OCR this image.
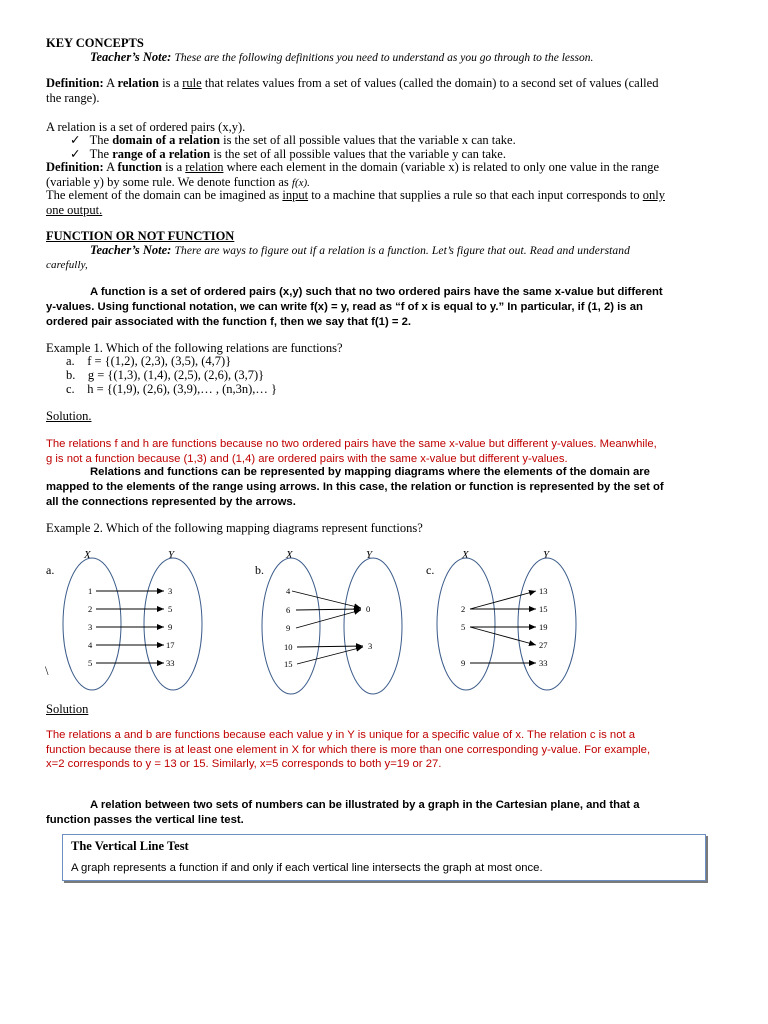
KEY CONCEPTS
Teacher’s Note: These are the following definitions you need to understand as you go through to the lesson.
Definition: A relation is a rule that relates values from a set of values (called the domain) to a second set of values (called
the range).
A relation is a set of ordered pairs (x,y).
✓ The domain of a relation is the set of all possible values that the variable x can take.
✓ The range of a relation is the set of all possible values that the variable y can take.
Definition: A function is a relation where each element in the domain (variable x) is related to only one value in the range
(variable y) by some rule. We denote function as f(x).
The element of the domain can be imagined as input to a machine that supplies a rule so that each input corresponds to only
one output.
FUNCTION OR NOT FUNCTION
Teacher’s Note: There are ways to figure out if a relation is a function. Let’s figure that out. Read and understand
carefully,
A function is a set of ordered pairs (x,y) such that no two ordered pairs have the same x-value but different
y-values. Using functional notation, we can write f(x) = y, read as “f of x is equal to y.” In particular, if (1, 2) is an
ordered pair associated with the function f, then we say that f(1) = 2.
Example 1. Which of the following relations are functions?
a. f = {(1,2), (2,3), (3,5), (4,7)}
b. g = {(1,3), (1,4), (2,5), (2,6), (3,7)}
c. h = {(1,9), (2,6), (3,9),… , (n,3n),… }
Solution.
The relations f and h are functions because no two ordered pairs have the same x-value but different y-values. Meanwhile,
g is not a function because (1,3) and (1,4) are ordered pairs with the same x-value but different y-values.
Relations and functions can be represented by mapping diagrams where the elements of the domain are
mapped to the elements of the range using arrows. In this case, the relation or function is represented by the set of
all the connections represented by the arrows.
Example 2. Which of the following mapping diagrams represent functions?
X	Y
a.
1
2
3
4
5
3
5
9
17
33
X	Y
b.
4
6
9
10
15
0
3
X	Y
c.
2
5
9
13
15
19
27
33
\
Solution
The relations a and b are functions because each value y in Y is unique for a specific value of x. The relation c is not a
function because there is at least one element in X for which there is more than one corresponding y-value. For example,
x=2 corresponds to y = 13 or 15. Similarly, x=5 corresponds to both y=19 or 27.
A relation between two sets of numbers can be illustrated by a graph in the Cartesian plane, and that a
function passes the vertical line test.
The Vertical Line Test
A graph represents a function if and only if each vertical line intersects the graph at most once.
